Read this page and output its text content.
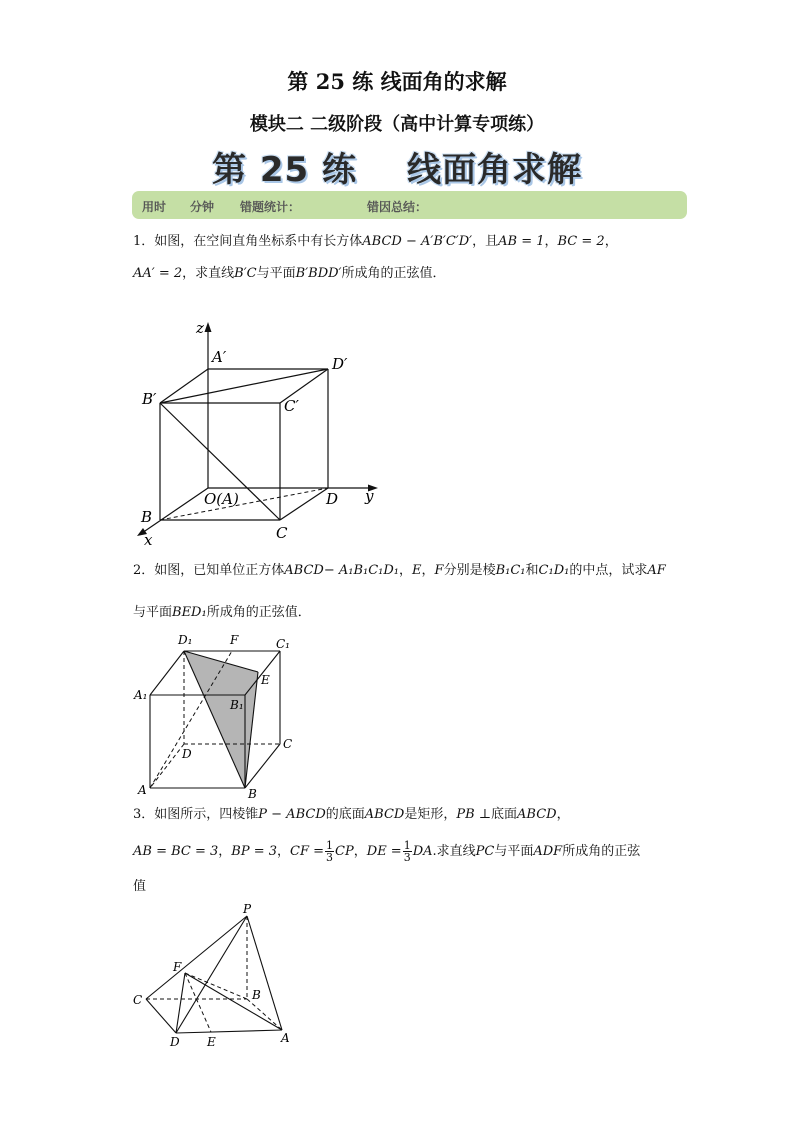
第 25 练 线面角的求解
模块二 二级阶段（高中计算专项练）
第 25 练 线面角求解
用时 分钟 错题统计：	错因总结：
1．如图，在空间直角坐标系中有长方体ABCD − A′B′C′D′，且AB = 1，BC = 2，
AA′ = 2，求直线B′C与平面B′BDD′所成角的正弦值．
z
y
x
A′	D′
B′	C′
O(A)
B
C
D
D₁	F	C₁
E
A₁
B₁
C
D
A	B
P
F
C	B
D E	A
2．如图，已知单位正方体ABCD− A₁B₁C₁D₁，E，F分别是棱B₁C₁和C₁D₁的中点，试求AF
与平面BED₁所成角的正弦值．
3．如图所示，四棱锥P − ABCD的底面ABCD是矩形，PB ⊥底面ABCD，
AB = BC = 3，BP = 3，CF = $\frac{1}{3}$ CP，DE = $\frac{1}{3}$ DA.求直线PC与平面ADF所成角的正弦
值
